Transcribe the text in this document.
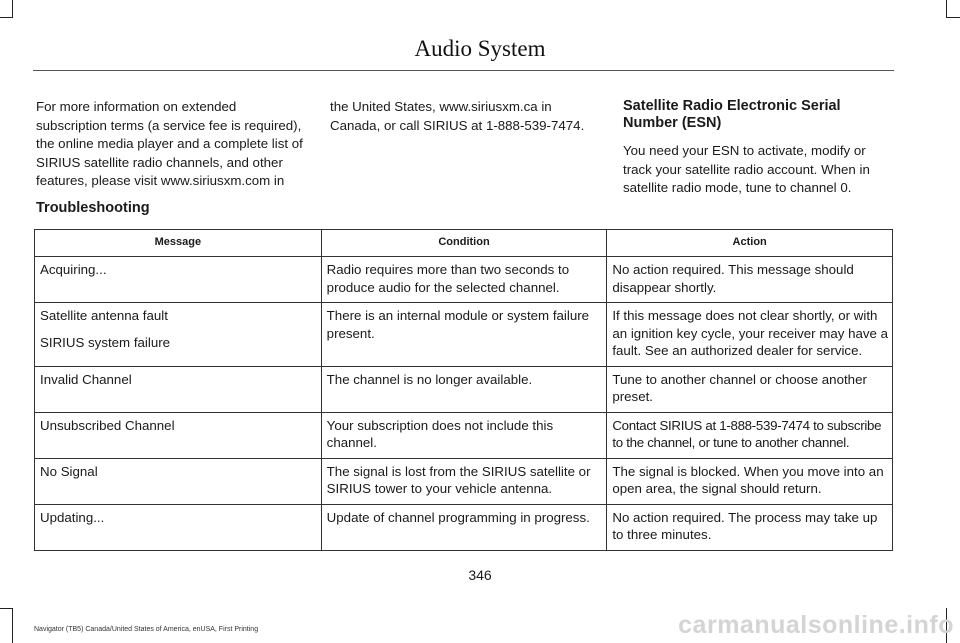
Audio System

For more information on extended subscription terms (a service fee is required), the online media player and a complete list of SIRIUS satellite radio channels, and other features, please visit www.siriusxm.com in

the United States, www.siriusxm.ca in Canada, or call SIRIUS at 1-888-539-7474.

Satellite Radio Electronic Serial Number (ESN)

You need your ESN to activate, modify or track your satellite radio account. When in satellite radio mode, tune to channel 0.

Troubleshooting
Message	Condition	Action

Acquiring...	Radio requires more than two seconds to produce audio for the selected channel.	No action required. This message should disappear shortly.

Satellite antenna fault
SIRIUS system failure	There is an internal module or system failure present.	If this message does not clear shortly, or with an ignition key cycle, your receiver may have a fault. See an authorized dealer for service.

Invalid Channel	The channel is no longer available.	Tune to another channel or choose another preset.

Unsubscribed Channel	Your subscription does not include this channel.	Contact SIRIUS at 1-888-539-7474 to subscribe to the channel, or tune to another channel.

No Signal	The signal is lost from the SIRIUS satellite or SIRIUS tower to your vehicle antenna.	The signal is blocked. When you move into an open area, the signal should return.

Updating...	Update of channel programming in progress.	No action required. The process may take up to three minutes.
346
Navigator (TB5) Canada/United States of America, enUSA, First Printing	carmanualsonline.info
